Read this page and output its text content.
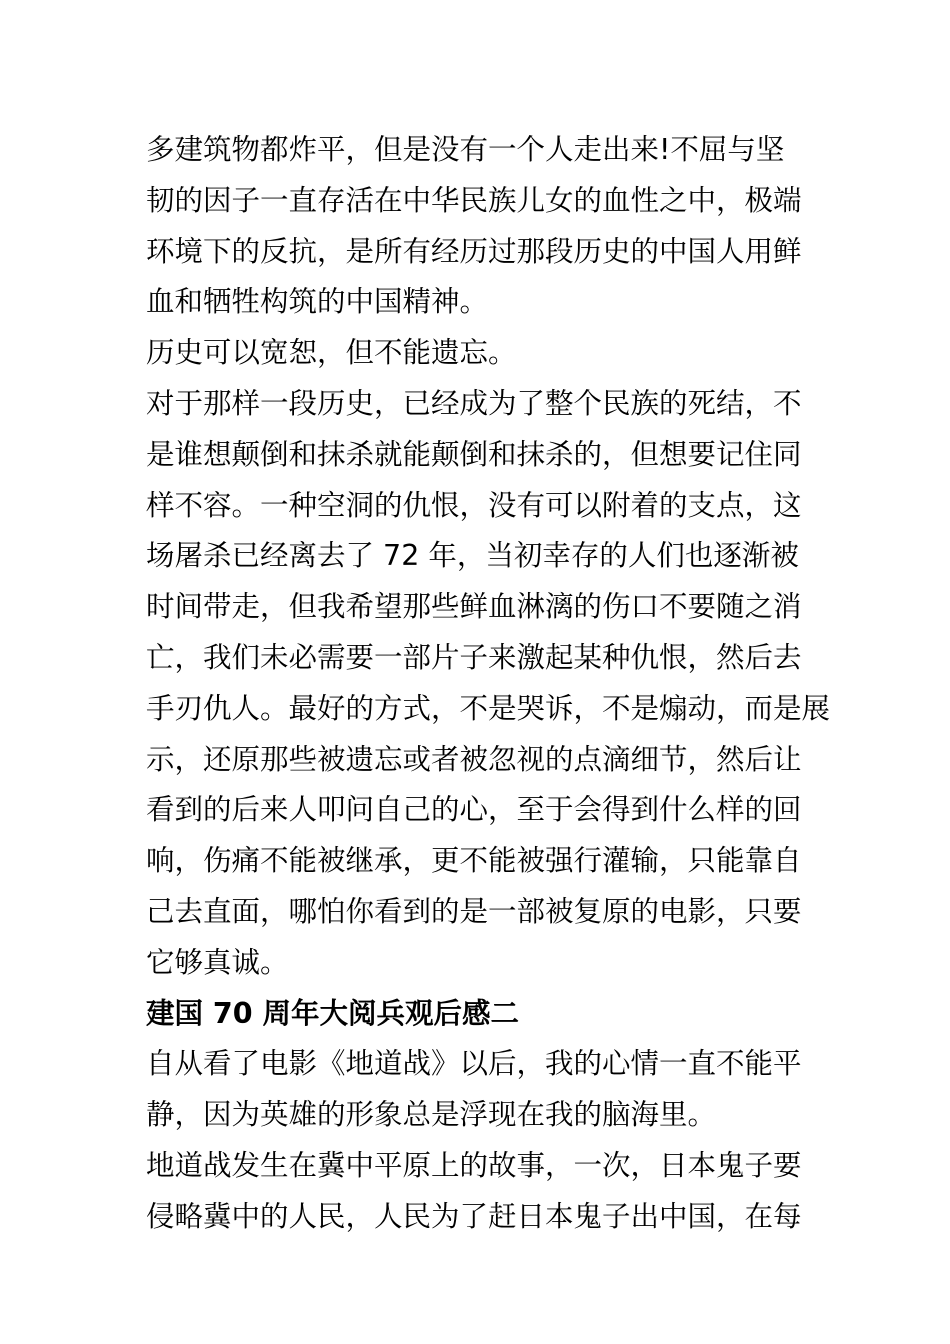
多建筑物都炸平，但是没有一个人走出来!不屈与坚
韧的因子一直存活在中华民族儿女的血性之中，极端
环境下的反抗，是所有经历过那段历史的中国人用鲜
血和牺牲构筑的中国精神。
历史可以宽恕，但不能遗忘。
对于那样一段历史，已经成为了整个民族的死结，不
是谁想颠倒和抹杀就能颠倒和抹杀的，但想要记住同
样不容。一种空洞的仇恨，没有可以附着的支点，这
场屠杀已经离去了 72 年，当初幸存的人们也逐渐被
时间带走，但我希望那些鲜血淋漓的伤口不要随之消
亡，我们未必需要一部片子来激起某种仇恨，然后去
手刃仇人。最好的方式，不是哭诉，不是煽动，而是展
示，还原那些被遗忘或者被忽视的点滴细节，然后让
看到的后来人叩问自己的心，至于会得到什么样的回
响，伤痛不能被继承，更不能被强行灌输，只能靠自
己去直面，哪怕你看到的是一部被复原的电影，只要
它够真诚。
建国 70 周年大阅兵观后感二
自从看了电影《地道战》以后，我的心情一直不能平
静，因为英雄的形象总是浮现在我的脑海里。
地道战发生在冀中平原上的故事，一次，日本鬼子要
侵略冀中的人民，人民为了赶日本鬼子出中国，在每
